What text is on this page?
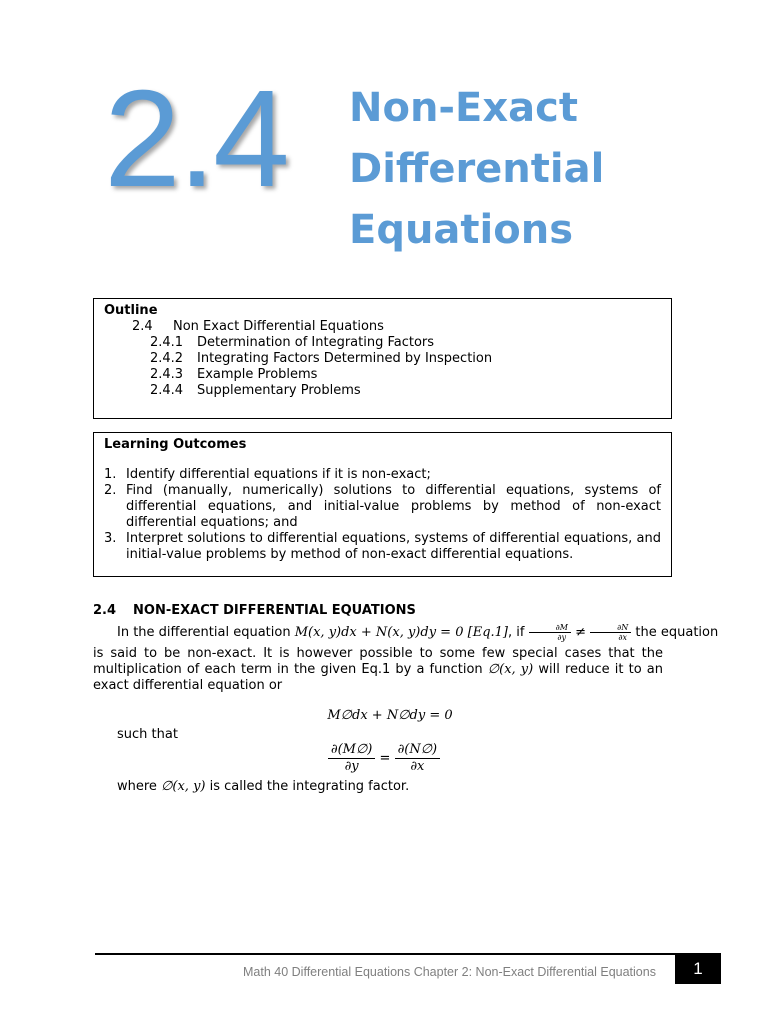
2.4 Non-Exact
Differential
Equations
Outline
2.4 Non Exact Differential Equations
2.4.1 Determination of Integrating Factors
2.4.2 Integrating Factors Determined by Inspection
2.4.3 Example Problems
2.4.4 Supplementary Problems
Learning Outcomes
1. Identify differential equations if it is non-exact;
2. Find (manually, numerically) solutions to differential equations, systems of differential equations, and initial-value problems by method of non-exact differential equations; and
3. Interpret solutions to differential equations, systems of differential equations, and initial-value problems by method of non-exact differential equations.
2.4 NON-EXACT DIFFERENTIAL EQUATIONS
In the differential equation M(x, y)dx + N(x, y)dy = 0 [Eq.1], if $\frac{\partial M}{\partial y} \ne \frac{\partial N}{\partial x}$ the equation
is said to be non-exact. It is however possible to some few special cases that the multiplication of each term in the given Eq.1 by a function ∅(x, y) will reduce it to an exact differential equation or
M∅dx + N∅dy = 0
such that
$\frac{\partial(M\emptyset)}{\partial y} = \frac{\partial(N\emptyset)}{\partial x}$
where ∅(x, y) is called the integrating factor.
Math 40 Differential Equations Chapter 2: Non-Exact Differential Equations	1
